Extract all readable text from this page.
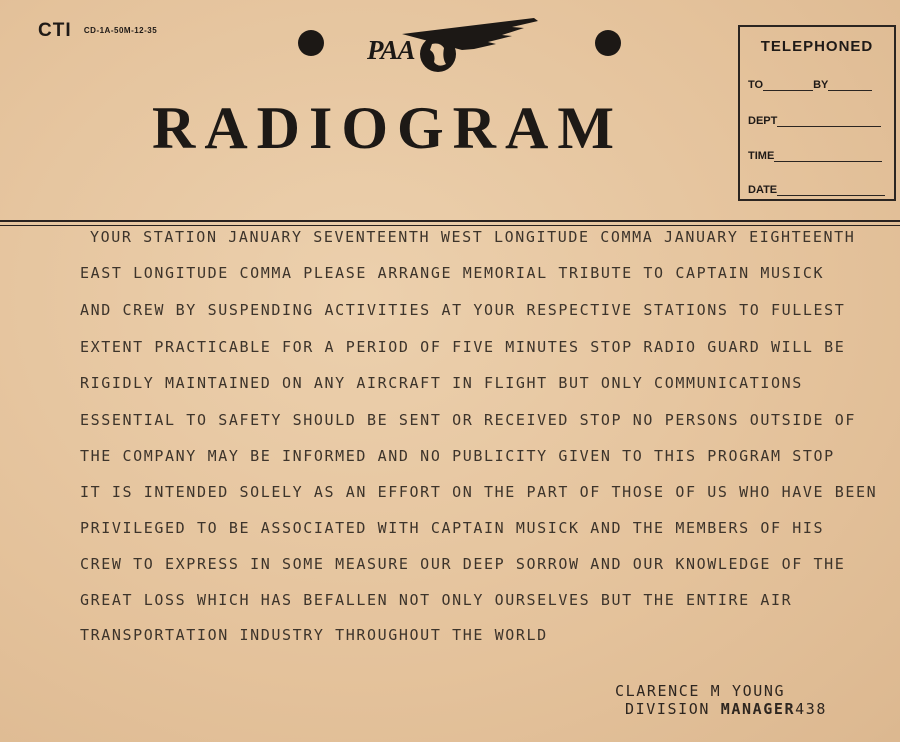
CTI CD-1A-50M-12-35
PAA
RADIOGRAM
TELEPHONED
TO	BY
DEPT
TIME
DATE
YOUR STATION JANUARY SEVENTEENTH WEST LONGITUDE COMMA JANUARY EIGHTEENTH
EAST LONGITUDE COMMA PLEASE ARRANGE MEMORIAL TRIBUTE TO CAPTAIN MUSICK
AND CREW BY SUSPENDING ACTIVITIES AT YOUR RESPECTIVE STATIONS TO FULLEST
EXTENT PRACTICABLE FOR A PERIOD OF FIVE MINUTES STOP RADIO GUARD WILL BE
RIGIDLY MAINTAINED ON ANY AIRCRAFT IN FLIGHT BUT ONLY COMMUNICATIONS
ESSENTIAL TO SAFETY SHOULD BE SENT OR RECEIVED STOP NO PERSONS OUTSIDE OF
THE COMPANY MAY BE INFORMED AND NO PUBLICITY GIVEN TO THIS PROGRAM STOP
IT IS INTENDED SOLELY AS AN EFFORT ON THE PART OF THOSE OF US WHO HAVE BEEN
PRIVILEGED TO BE ASSOCIATED WITH CAPTAIN MUSICK AND THE MEMBERS OF HIS
CREW TO EXPRESS IN SOME MEASURE OUR DEEP SORROW AND OUR KNOWLEDGE OF THE
GREAT LOSS WHICH HAS BEFALLEN NOT ONLY OURSELVES BUT THE ENTIRE AIR
TRANSPORTATION INDUSTRY THROUGHOUT THE WORLD
CLARENCE M YOUNG
DIVISION MANAGER438
